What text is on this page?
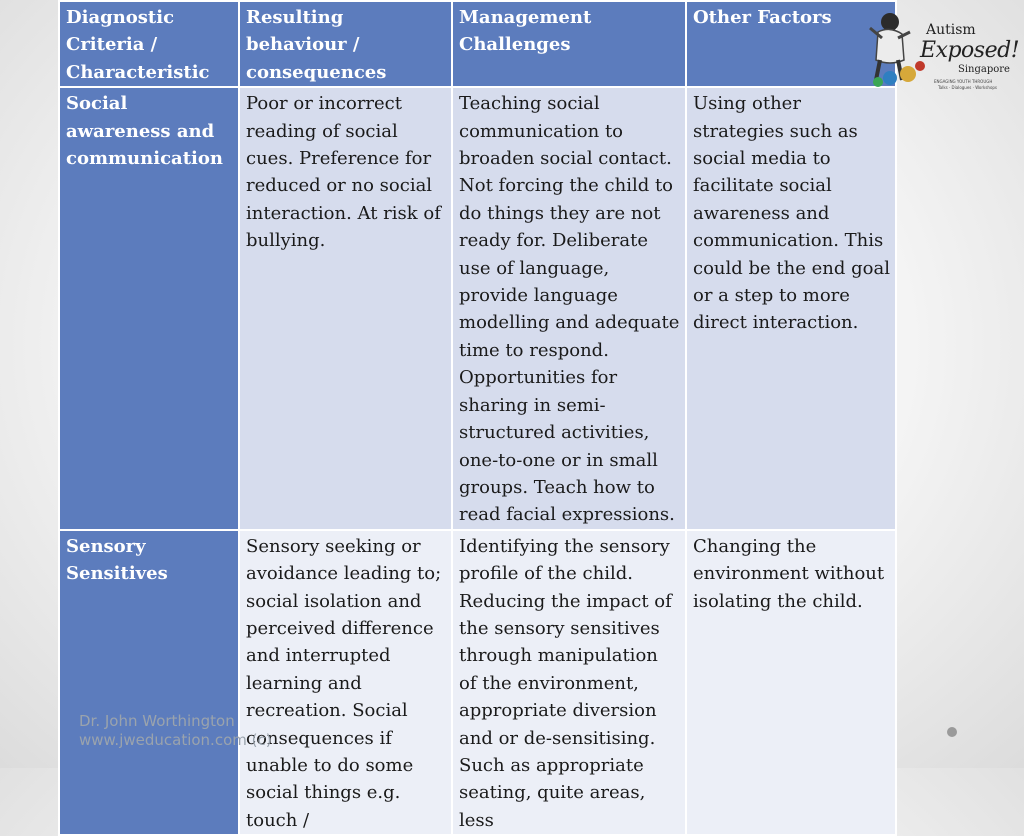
Diagnostic Criteria / Characteristic	Resulting behaviour / consequences	Management Challenges	Other Factors
Social awareness and communication	Poor or incorrect reading of social cues. Preference for reduced or no social interaction. At risk of bullying.	Teaching social communication to broaden social contact. Not forcing the child to do things they are not ready for. Deliberate use of language, provide language modelling and adequate time to respond. Opportunities for sharing in semi-structured activities, one-to-one or in small groups. Teach how to read facial expressions.	Using other strategies such as social media to facilitate social awareness and communication. This could be the end goal or a step to more direct interaction.
Sensory Sensitives	Sensory seeking or avoidance leading to; social isolation and perceived difference and interrupted learning and recreation. Social consequences if unable to do some social things e.g. touch /	Identifying the sensory profile of the child. Reducing the impact of the sensory sensitives through manipulation of the environment, appropriate diversion and or de-sensitising. Such as appropriate seating, quite areas, less	Changing the environment without isolating the child.
Autism
Exposed!
Singapore
ENGAGING YOUTH THROUGH
Talks · Dialogues · Workshops
Dr. John Worthington
www.jweducation.com (c)
